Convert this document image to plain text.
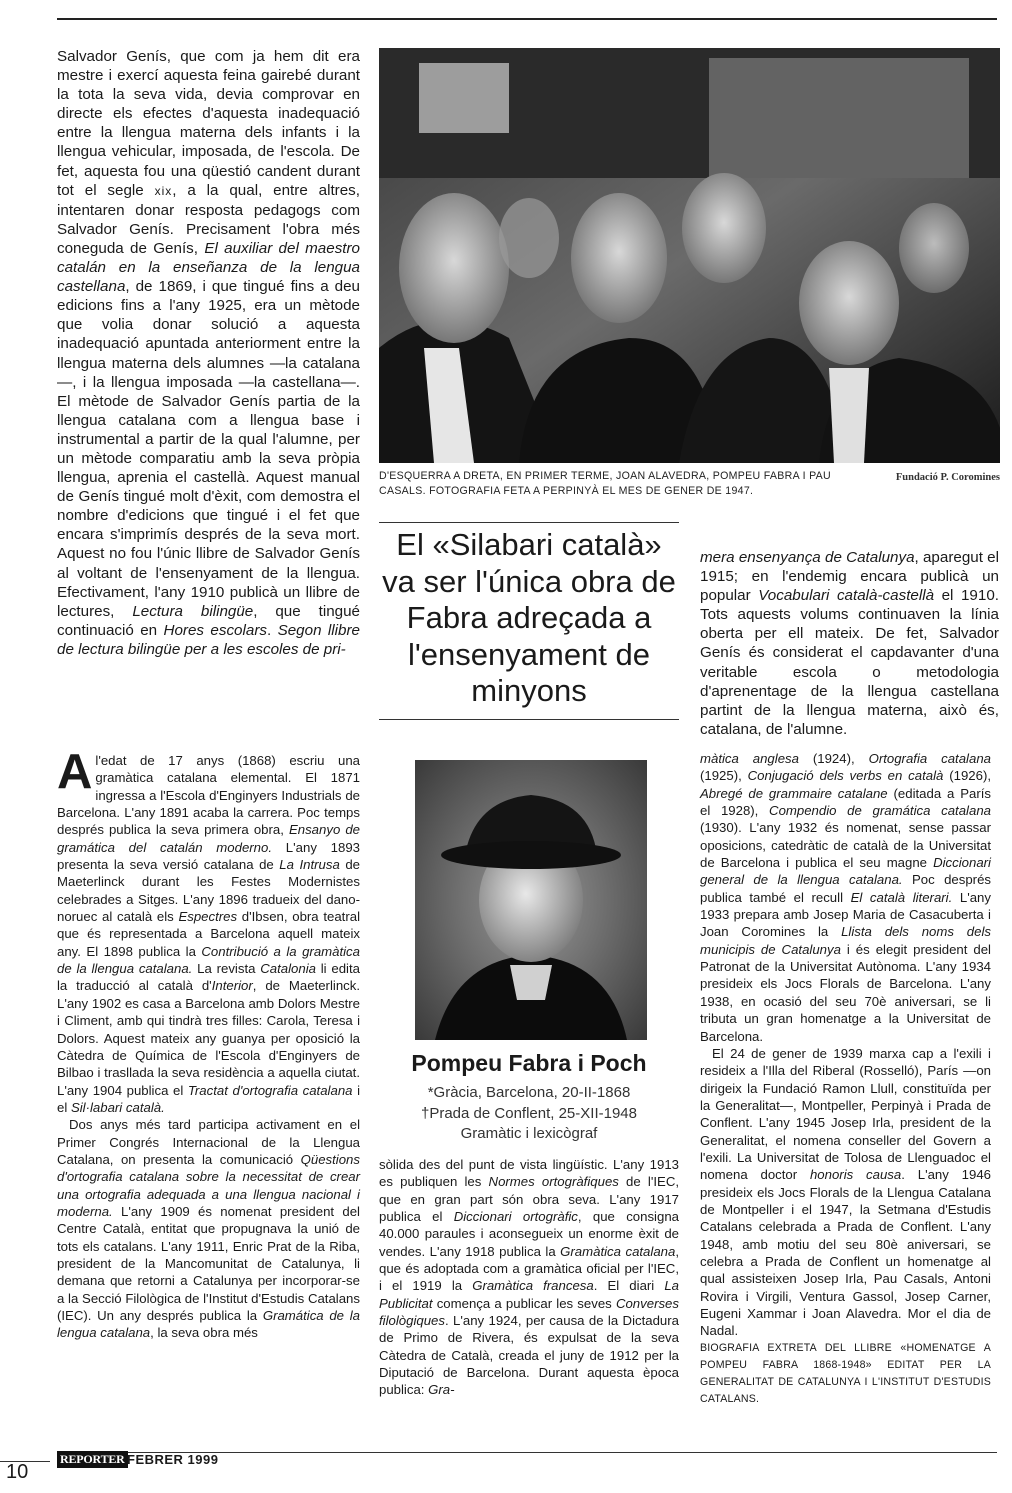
Salvador Genís, que com ja hem dit era mestre i exercí aquesta feina gairebé durant la tota la seva vida, devia comprovar en directe els efectes d'aquesta inadequació entre la llengua materna dels infants i la llengua vehicular, imposada, de l'escola. De fet, aquesta fou una qüestió candent durant tot el segle xix, a la qual, entre altres, intentaren donar resposta pedagogs com Salvador Genís. Precisament l'obra més coneguda de Genís, El auxiliar del maestro catalán en la enseñanza de la lengua castellana, de 1869, i que tingué fins a deu edicions fins a l'any 1925, era un mètode que volia donar solució a aquesta inadequació apuntada anteriorment entre la llengua materna dels alumnes —la catalana—, i la llengua imposada —la castellana—. El mètode de Salvador Genís partia de la llengua catalana com a llengua base i instrumental a partir de la qual l'alumne, per un mètode comparatiu amb la seva pròpia llengua, aprenia el castellà. Aquest manual de Genís tingué molt d'èxit, com demostra el nombre d'edicions que tingué i el fet que encara s'imprimís després de la seva mort. Aquest no fou l'únic llibre de Salvador Genís al voltant de l'ensenyament de la llengua. Efectivament, l'any 1910 publicà un llibre de lectures, Lectura bilingüe, que tingué continuació en Hores escolars. Segon llibre de lectura bilingüe per a les escoles de pri-

D'ESQUERRA A DRETA, EN PRIMER TERME, JOAN ALAVEDRA, POMPEU FABRA I PAU CASALS. FOTOGRAFIA FETA A PERPINYÀ EL MES DE GENER DE 1947.
Fundació P. Coromines
El «Silabari català» va ser l'única obra de Fabra adreçada a l'ensenyament de minyons

mera ensenyança de Catalunya, aparegut el 1915; en l'endemig encara publicà un popular Vocabulari català-castellà el 1910. Tots aquests volums continuaven la línia oberta per ell mateix. De fet, Salvador Genís és considerat el capdavanter d'una veritable escola o metodologia d'aprenentage de la llengua castellana partint de la llengua materna, això és, catalana, de l'alumne.

A l'edat de 17 anys (1868) escriu una gramàtica catalana elemental. El 1871 ingressa a l'Escola d'Enginyers Industrials de Barcelona. L'any 1891 acaba la carrera. Poc temps després publica la seva primera obra, Ensanyo de gramática del catalán moderno. L'any 1893 presenta la seva versió catalana de La Intrusa de Maeterlinck durant les Festes Modernistes celebrades a Sitges. L'any 1896 tradueix del dano-noruec al català els Espectres d'Ibsen, obra teatral que és representada a Barcelona aquell mateix any. El 1898 publica la Contribució a la gramàtica de la llengua catalana. La revista Catalonia li edita la traducció al català d'Interior, de Maeterlinck. L'any 1902 es casa a Barcelona amb Dolors Mestre i Climent, amb qui tindrà tres filles: Carola, Teresa i Dolors. Aquest mateix any guanya per oposició la Càtedra de Química de l'Escola d'Enginyers de Bilbao i trasllada la seva residència a aquella ciutat. L'any 1904 publica el Tractat d'ortografia catalana i el Sil·labari català.

Dos anys més tard participa activament en el Primer Congrés Internacional de la Llengua Catalana, on presenta la comunicació Qüestions d'ortografia catalana sobre la necessitat de crear una ortografia adequada a una llengua nacional i moderna. L'any 1909 és nomenat president del Centre Català, entitat que propugnava la unió de tots els catalans. L'any 1911, Enric Prat de la Riba, president de la Mancomunitat de Catalunya, li demana que retorni a Catalunya per incorporar-se a la Secció Filològica de l'Institut d'Estudis Catalans (IEC). Un any després publica la Gramática de la lengua catalana, la seva obra més

Pompeu Fabra i Poch
*Gràcia, Barcelona, 20-II-1868
†Prada de Conflent, 25-XII-1948
Gramàtic i lexicògraf

sòlida des del punt de vista lingüístic. L'any 1913 es publiquen les Normes ortogràfiques de l'IEC, que en gran part són obra seva. L'any 1917 publica el Diccionari ortogràfic, que consigna 40.000 paraules i aconsegueix un enorme èxit de vendes. L'any 1918 publica la Gramàtica catalana, que és adoptada com a gramàtica oficial per l'IEC, i el 1919 la Gramàtica francesa. El diari La Publicitat comença a publicar les seves Converses filològiques. L'any 1924, per causa de la Dictadura de Primo de Rivera, és expulsat de la seva Càtedra de Català, creada el juny de 1912 per la Diputació de Barcelona. Durant aquesta època publica: Gra-

màtica anglesa (1924), Ortografia catalana (1925), Conjugació dels verbs en català (1926), Abregé de grammaire catalane (editada a París el 1928), Compendio de gramática catalana (1930). L'any 1932 és nomenat, sense passar oposicions, catedràtic de català de la Universitat de Barcelona i publica el seu magne Diccionari general de la llengua catalana. Poc després publica també el recull El català literari. L'any 1933 prepara amb Josep Maria de Casacuberta i Joan Coromines la Llista dels noms dels municipis de Catalunya i és elegit president del Patronat de la Universitat Autònoma. L'any 1934 presideix els Jocs Florals de Barcelona. L'any 1938, en ocasió del seu 70è aniversari, se li tributa un gran homenatge a la Universitat de Barcelona.

El 24 de gener de 1939 marxa cap a l'exili i resideix a l'Illa del Riberal (Rosselló), París —on dirigeix la Fundació Ramon Llull, constituïda per la Generalitat—, Montpeller, Perpinyà i Prada de Conflent. L'any 1945 Josep Irla, president de la Generalitat, el nomena conseller del Govern a l'exili. La Universitat de Tolosa de Llenguadoc el nomena doctor honoris causa. L'any 1946 presideix els Jocs Florals de la Llengua Catalana de Montpeller i el 1947, la Setmana d'Estudis Catalans celebrada a Prada de Conflent. L'any 1948, amb motiu del seu 80è aniversari, se celebra a Prada de Conflent un homenatge al qual assisteixen Josep Irla, Pau Casals, Antoni Rovira i Virgili, Ventura Gassol, Josep Carner, Eugeni Xammar i Joan Alavedra. Mor el dia de Nadal.

BIOGRAFIA EXTRETA DEL LLIBRE «HOMENATGE A POMPEU FABRA 1868-1948» EDITAT PER LA GENERALITAT DE CATALUNYA I L'INSTITUT D'ESTUDIS CATALANS.

REPORTER FEBRER 1999
10
